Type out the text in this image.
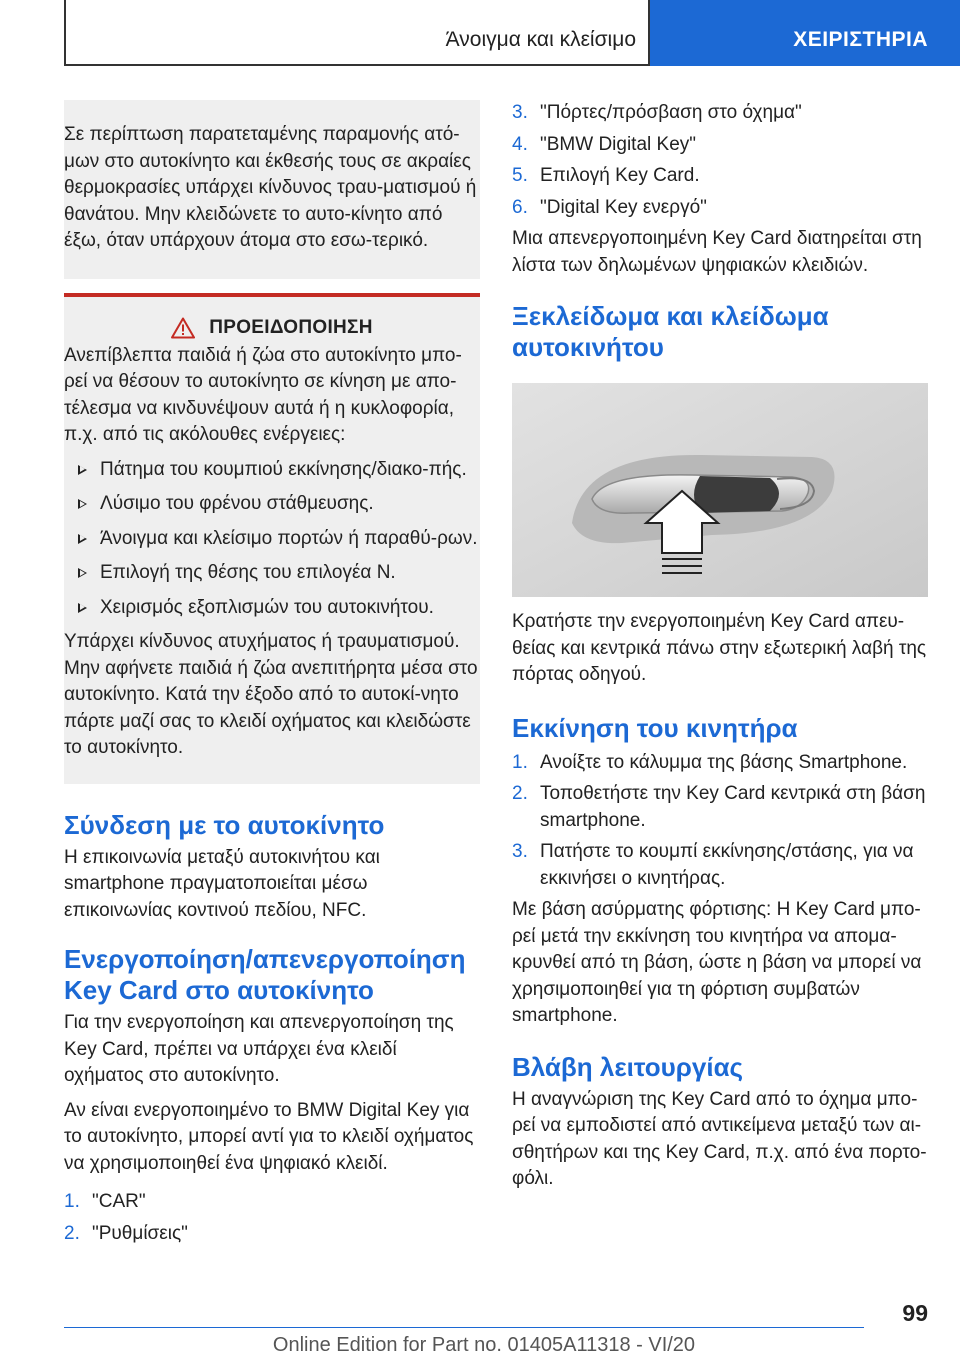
Άνοιγμα και κλείσιμο	ΧΕΙΡΙΣΤΗΡΙΑ

Σε περίπτωση παρατεταμένης παραμονής ατό-μων στο αυτοκίνητο και έκθεσής τους σε ακραίες θερμοκρασίες υπάρχει κίνδυνος τραυ-ματισμού ή θανάτου. Μην κλειδώνετε το αυτο-κίνητο από έξω, όταν υπάρχουν άτομα στο εσω-τερικό.

ΠΡΟΕΙΔΟΠΟΙΗΣΗ

Ανεπίβλεπτα παιδιά ή ζώα στο αυτοκίνητο μπο-ρεί να θέσουν το αυτοκίνητο σε κίνηση με απο-τέλεσμα να κινδυνέψουν αυτά ή η κυκλοφορία, π.χ. από τις ακόλουθες ενέργειες:

Πάτημα του κουμπιού εκκίνησης/διακο-πής.
Λύσιμο του φρένου στάθμευσης.
Άνοιγμα και κλείσιμο πορτών ή παραθύ-ρων.
Επιλογή της θέσης του επιλογέα N.
Χειρισμός εξοπλισμών του αυτοκινήτου.

Υπάρχει κίνδυνος ατυχήματος ή τραυματισμού. Μην αφήνετε παιδιά ή ζώα ανεπιτήρητα μέσα στο αυτοκίνητο. Κατά την έξοδο από το αυτοκί-νητο πάρτε μαζί σας το κλειδί οχήματος και κλειδώστε το αυτοκίνητο.

Σύνδεση με το αυτοκίνητο

Η επικοινωνία μεταξύ αυτοκινήτου και smartphone πραγματοποιείται μέσω επικοινωνίας κοντινού πεδίου, NFC.

Ενεργοποίηση/απενεργοποίηση Key Card στο αυτοκίνητο

Για την ενεργοποίηση και απενεργοποίηση της Key Card, πρέπει να υπάρχει ένα κλειδί οχήματος στο αυτοκίνητο.

Αν είναι ενεργοποιημένο το BMW Digital Key για το αυτοκίνητο, μπορεί αντί για το κλειδί οχήματος να χρησιμοποιηθεί ένα ψηφιακό κλειδί.

1. "CAR"
2. "Ρυθμίσεις"
3. "Πόρτες/πρόσβαση στο όχημα"
4. "BMW Digital Key"
5. Επιλογή Key Card.
6. "Digital Key ενεργό"

Μια απενεργοποιημένη Key Card διατηρείται στη λίστα των δηλωμένων ψηφιακών κλειδιών.

Ξεκλείδωμα και κλείδωμα αυτοκινήτου

Κρατήστε την ενεργοποιημένη Key Card απευ-θείας και κεντρικά πάνω στην εξωτερική λαβή της πόρτας οδηγού.

Εκκίνηση του κινητήρα
1. Ανοίξτε το κάλυμμα της βάσης Smartphone.
2. Τοποθετήστε την Key Card κεντρικά στη βάση smartphone.
3. Πατήστε το κουμπί εκκίνησης/στάσης, για να εκκινήσει ο κινητήρας.

Με βάση ασύρματης φόρτισης: Η Key Card μπο-ρεί μετά την εκκίνηση του κινητήρα να απομα-κρυνθεί από τη βάση, ώστε η βάση να μπορεί να χρησιμοποιηθεί για τη φόρτιση συμβατών smartphone.

Βλάβη λειτουργίας

Η αναγνώριση της Key Card από το όχημα μπο-ρεί να εμποδιστεί από αντικείμενα μεταξύ των αι-σθητήρων και της Key Card, π.χ. από ένα πορτο-φόλι.

99
Online Edition for Part no. 01405A11318 - VI/20
